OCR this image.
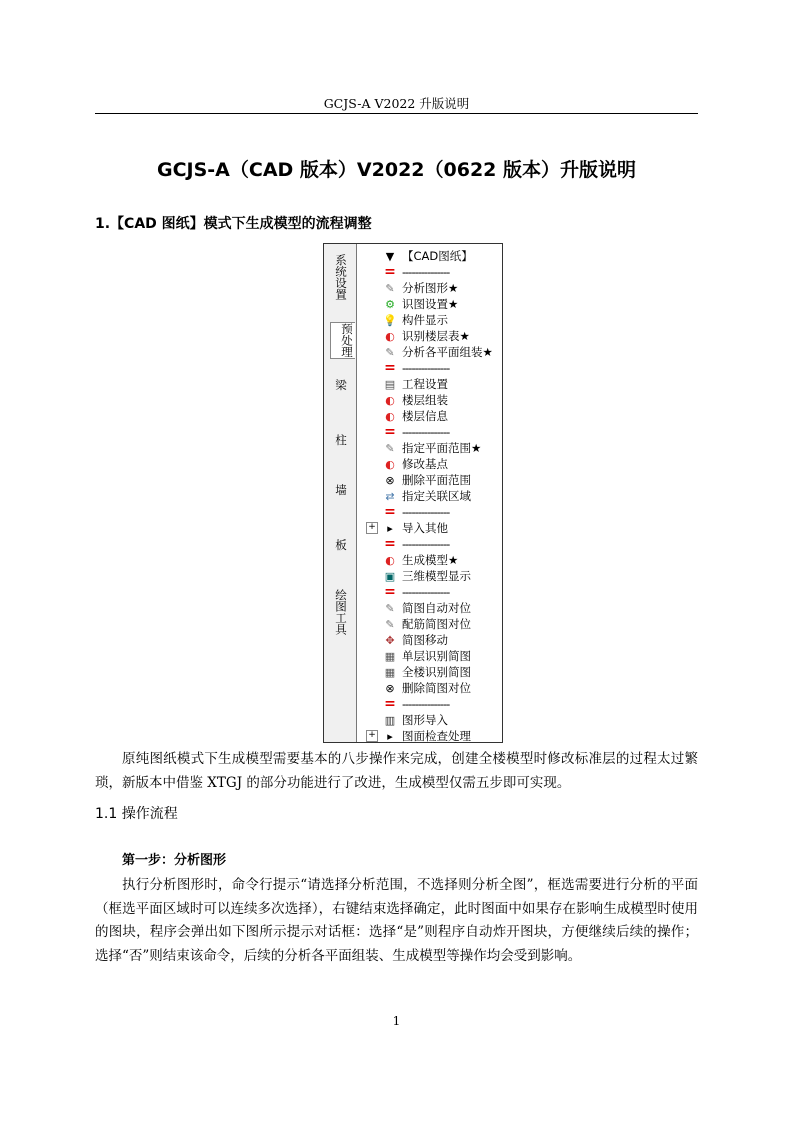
GCJS-A V2022 升版说明
GCJS-A（CAD 版本）V2022（0622 版本）升版说明
1.【CAD 图纸】模式下生成模型的流程调整
系统设置
预处理
梁
柱
墙
板
绘图工具
▼ 【CAD图纸】
= ---------------
✎ 分析图形★
⚙ 识图设置★
💡 构件显示
◐ 识别楼层表★
✎ 分析各平面组装★
= ---------------
▤ 工程设置
◐ 楼层组装
◐ 楼层信息
= ---------------
✎ 指定平面范围★
◐ 修改基点
⊗ 删除平面范围
⇄ 指定关联区域
= ---------------
+	▸ 导入其他
= ---------------
◐ 生成模型★
▣ 三维模型显示
= ---------------
✎ 简图自动对位
✎ 配筋简图对位
✥ 简图移动
▦ 单层识别简图
▦ 全楼识别简图
⊗ 删除简图对位
= ---------------
▥ 图形导入
+	▸ 图面检查处理
原纯图纸模式下生成模型需要基本的八步操作来完成，创建全楼模型时修改标准层的过程太过繁琐，新版本中借鉴 XTGJ 的部分功能进行了改进，生成模型仅需五步即可实现。
1.1 操作流程
第一步：分析图形
执行分析图形时，命令行提示“请选择分析范围，不选择则分析全图”，框选需要进行分析的平面（框选平面区域时可以连续多次选择），右键结束选择确定，此时图面中如果存在影响生成模型时使用的图块，程序会弹出如下图所示提示对话框：选择“是”则程序自动炸开图块，方便继续后续的操作；选择“否”则结束该命令，后续的分析各平面组装、生成模型等操作均会受到影响。
1
